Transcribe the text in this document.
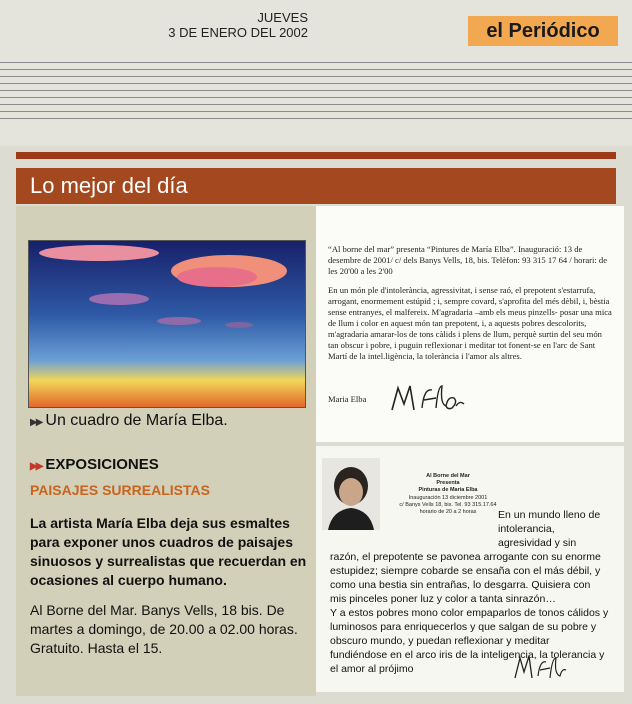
JUEVES
3 DE ENERO DEL 2002	el Periódico
Lo mejor del día
▶▶ Un cuadro de María Elba.
▶▶ EXPOSICIONES
PAISAJES SURREALISTAS
La artista María Elba deja sus esmaltes para exponer unos cuadros de paisajes sinuosos y surrealistas que recuerdan en ocasiones al cuerpo humano.
Al Borne del Mar. Banys Vells, 18 bis. De martes a domingo, de 20.00 a 02.00 horas. Gratuito. Hasta el 15.

“Al borne del mar” presenta “Pintures de María Elba”. Inauguració: 13 de desembre de 2001/ c/ dels Banys Vells, 18, bis. Telèfon: 93 315 17 64 / horari: de les 20'00 a les 2'00

En un món ple d'intolerància, agressivitat, i sense raó, el prepotent s'estarrufa, arrogant, enormement estúpid ; i, sempre covard, s'aprofita del més dèbil, i, bèstia sense entranyes, el malfereix. M'agradaria –amb els meus pinzells- posar una mica de llum i color en aquest món tan prepotent, i, a aquests pobres descolorits, m'agradaria amarar-los de tons càlids i plens de llum, perquè surtin del seu món tan obscur i pobre, i puguin reflexionar i meditar tot fonent-se en l'arc de Sant Martí de la intel.ligència, la tolerància i l'amor als altres.

Maria Elba
Al Borne del Mar
Presenta
Pinturas de Maria Elba
Inauguración 13 diciembre 2001
c/ Banys Vells 18, bis. Tel. 93 315.17.64
horario de 20 a 2 horas	En un mundo lleno de
intolerancia,
agresividad y sin
razón, el prepotente se pavonea arrogante con su enorme
estupidez; siempre cobarde se ensaña con el más débil, y
como una bestia sin entrañas, lo desgarra. Quisiera con
mis pinceles poner luz y color a tanta sinrazón…
Y a estos pobres mono color empaparlos de tonos cálidos y
luminosos para enriquecerlos y que salgan de su pobre y
obscuro mundo, y puedan reflexionar y meditar
fundiéndose en el arco iris de la inteligencia, la tolerancia y
el amor al prójimo
